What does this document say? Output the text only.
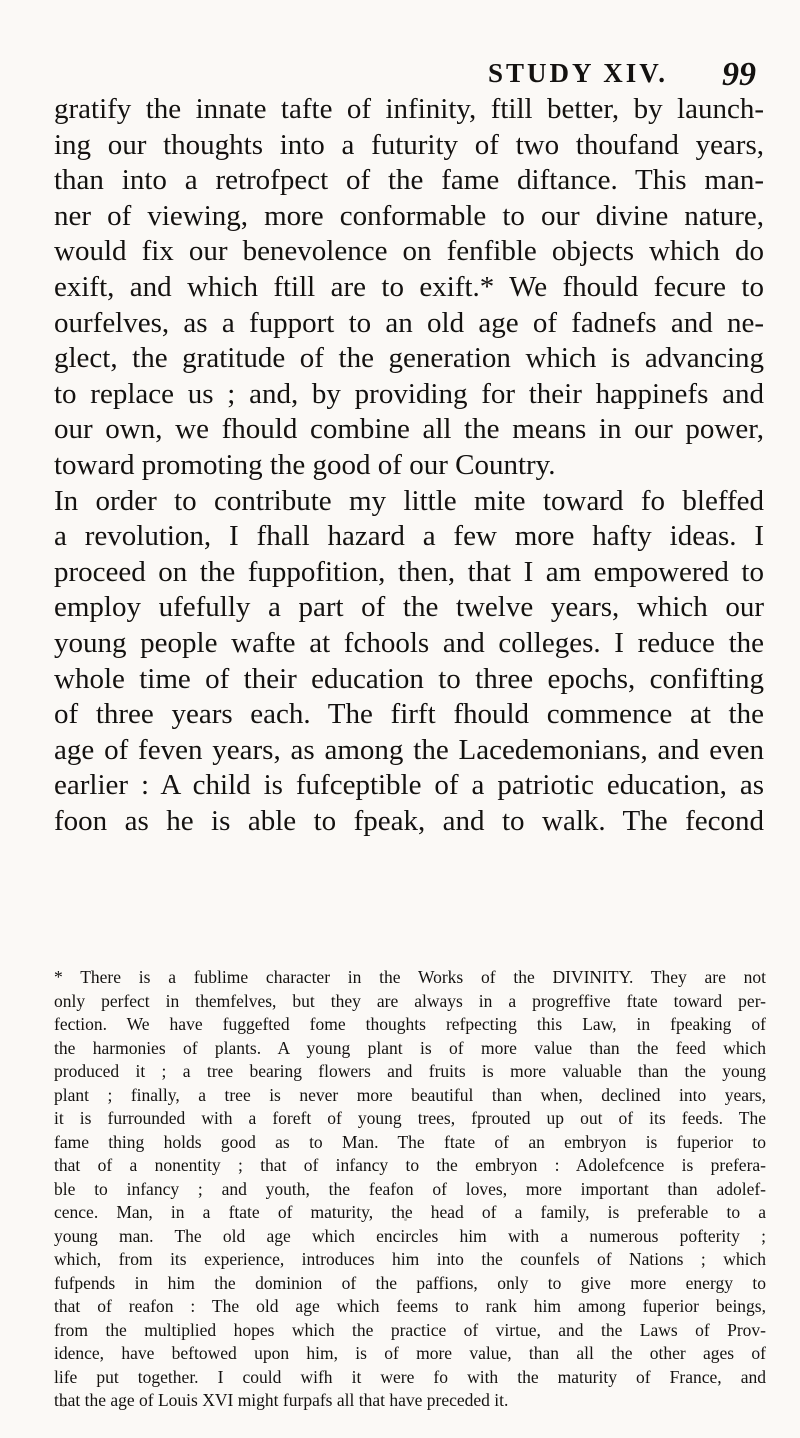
STUDY XIV. 99
gratify the innate tafte of infinity, ftill better, by launch-
ing our thoughts into a futurity of two thoufand years,
than into a retrofpect of the fame diftance. This man-
ner of viewing, more conformable to our divine nature,
would fix our benevolence on fenfible objects which do
exift, and which ftill are to exift.* We fhould fecure to
ourfelves, as a fupport to an old age of fadnefs and ne-
glect, the gratitude of the generation which is advancing
to replace us ; and, by providing for their happinefs and
our own, we fhould combine all the means in our power,
toward promoting the good of our Country.
In order to contribute my little mite toward fo bleffed
a revolution, I fhall hazard a few more hafty ideas. I
proceed on the fuppofition, then, that I am empowered to
employ ufefully a part of the twelve years, which our
young people wafte at fchools and colleges. I reduce the
whole time of their education to three epochs, confifting
of three years each. The firft fhould commence at the
age of feven years, as among the Lacedemonians, and even
earlier : A child is fufceptible of a patriotic education, as
foon as he is able to fpeak, and to walk. The fecond
* There is a fublime character in the Works of the DIVINITY. They are not
only perfect in themfelves, but they are always in a progreffive ftate toward per-
fection. We have fuggefted fome thoughts refpecting this Law, in fpeaking of
the harmonies of plants. A young plant is of more value than the feed which
produced it ; a tree bearing flowers and fruits is more valuable than the young
plant ; finally, a tree is never more beautiful than when, declined into years,
it is furrounded with a foreft of young trees, fprouted up out of its feeds. The
fame thing holds good as to Man. The ftate of an embryon is fuperior to
that of a nonentity ; that of infancy to the embryon : Adolefcence is prefera-
ble to infancy ; and youth, the feafon of loves, more important than adolef-
cence. Man, in a ftate of maturity, the head of a family, is preferable to a
young man. The old age which encircles him with a numerous pofterity ;
which, from its experience, introduces him into the counfels of Nations ; which
fufpends in him the dominion of the paffions, only to give more energy to
that of reafon : The old age which feems to rank him among fuperior beings,
from the multiplied hopes which the practice of virtue, and the Laws of Prov-
idence, have beftowed upon him, is of more value, than all the other ages of
life put together. I could wifh it were fo with the maturity of France, and
that the age of Louis XVI might furpafs all that have preceded it.
